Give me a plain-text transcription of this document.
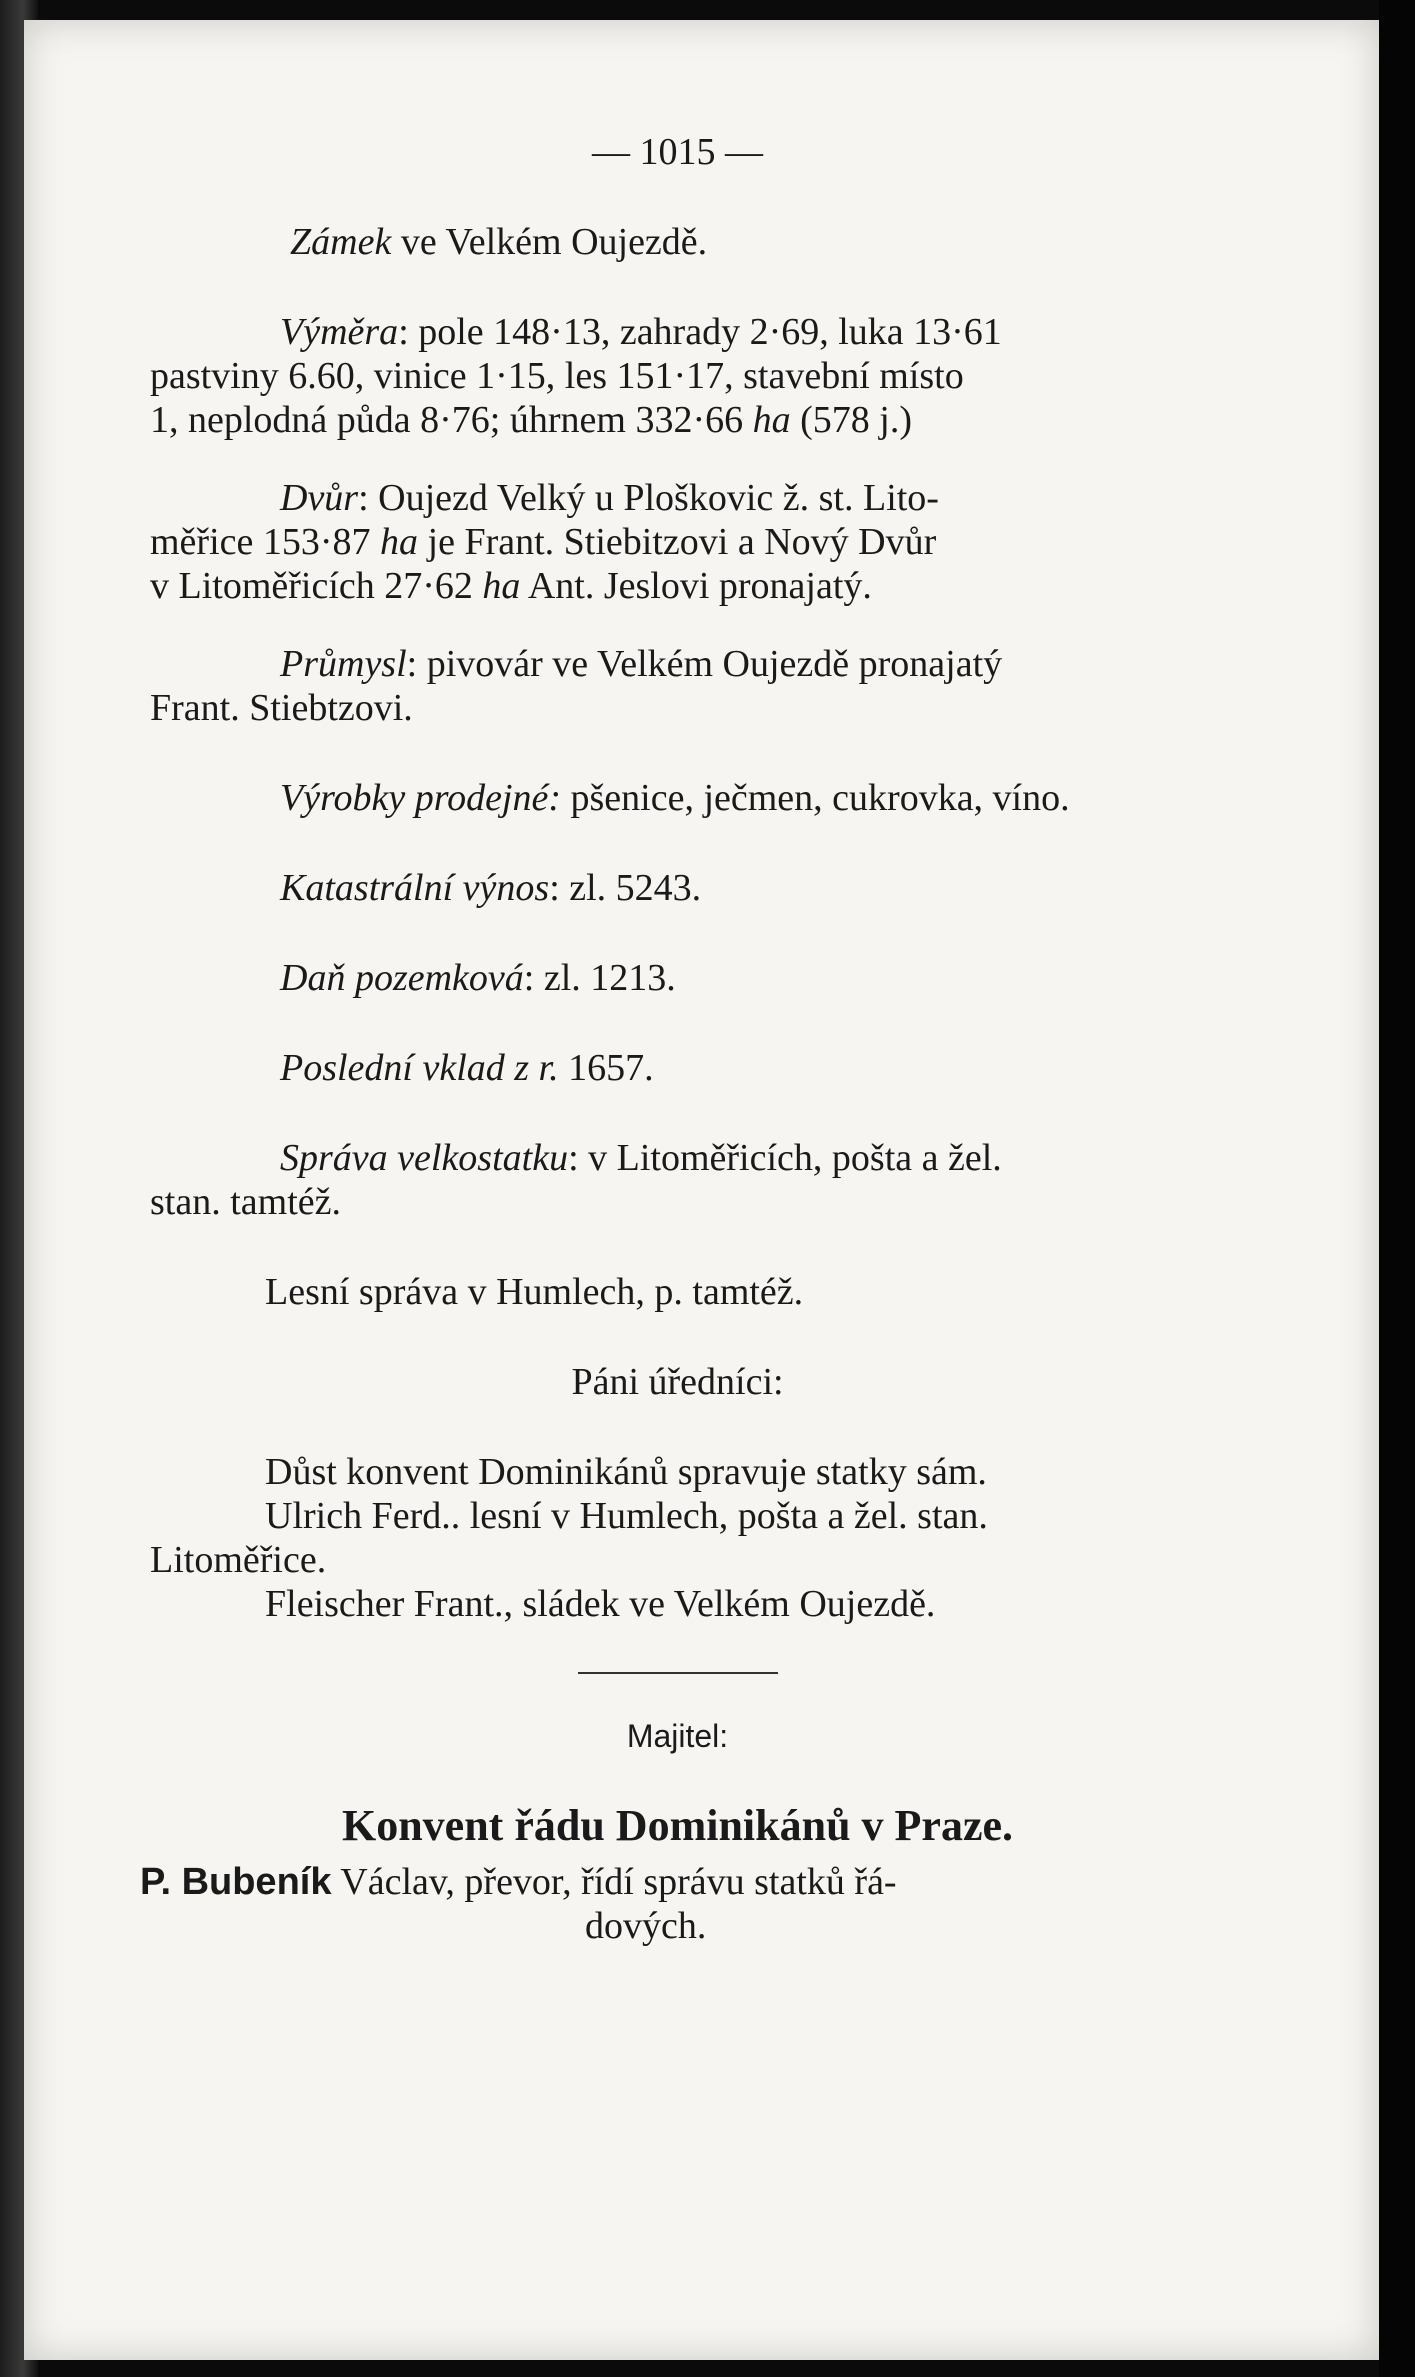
— 1015 —

Zámek ve Velkém Oujezdě.

Výměra: pole 148·13, zahrady 2·69, luka 13·61

pastviny 6.60, vinice 1·15, les 151·17, stavební místo

1, neplodná půda 8·76; úhrnem 332·66 ha (578 j.)

Dvůr: Oujezd Velký u Ploškovic ž. st. Lito-

měřice 153·87 ha je Frant. Stiebitzovi a Nový Dvůr

v Litoměřicích 27·62 ha Ant. Jeslovi pronajatý.

Průmysl: pivovár ve Velkém Oujezdě pronajatý

Frant. Stiebtzovi.

Výrobky prodejné: pšenice, ječmen, cukrovka, víno.

Katastrální výnos: zl. 5243.

Daň pozemková: zl. 1213.

Poslední vklad z r. 1657.

Správa velkostatku: v Litoměřicích, pošta a žel.

stan. tamtéž.

Lesní správa v Humlech, p. tamtéž.

Páni úředníci:

Důst konvent Dominikánů spravuje statky sám.

Ulrich Ferd.. lesní v Humlech, pošta a žel. stan.

Litoměřice.

Fleischer Frant., sládek ve Velkém Oujezdě.

Majitel:

Konvent řádu Dominikánů v Praze.

P. Bubeník Václav, převor, řídí správu statků řá-

dových.
